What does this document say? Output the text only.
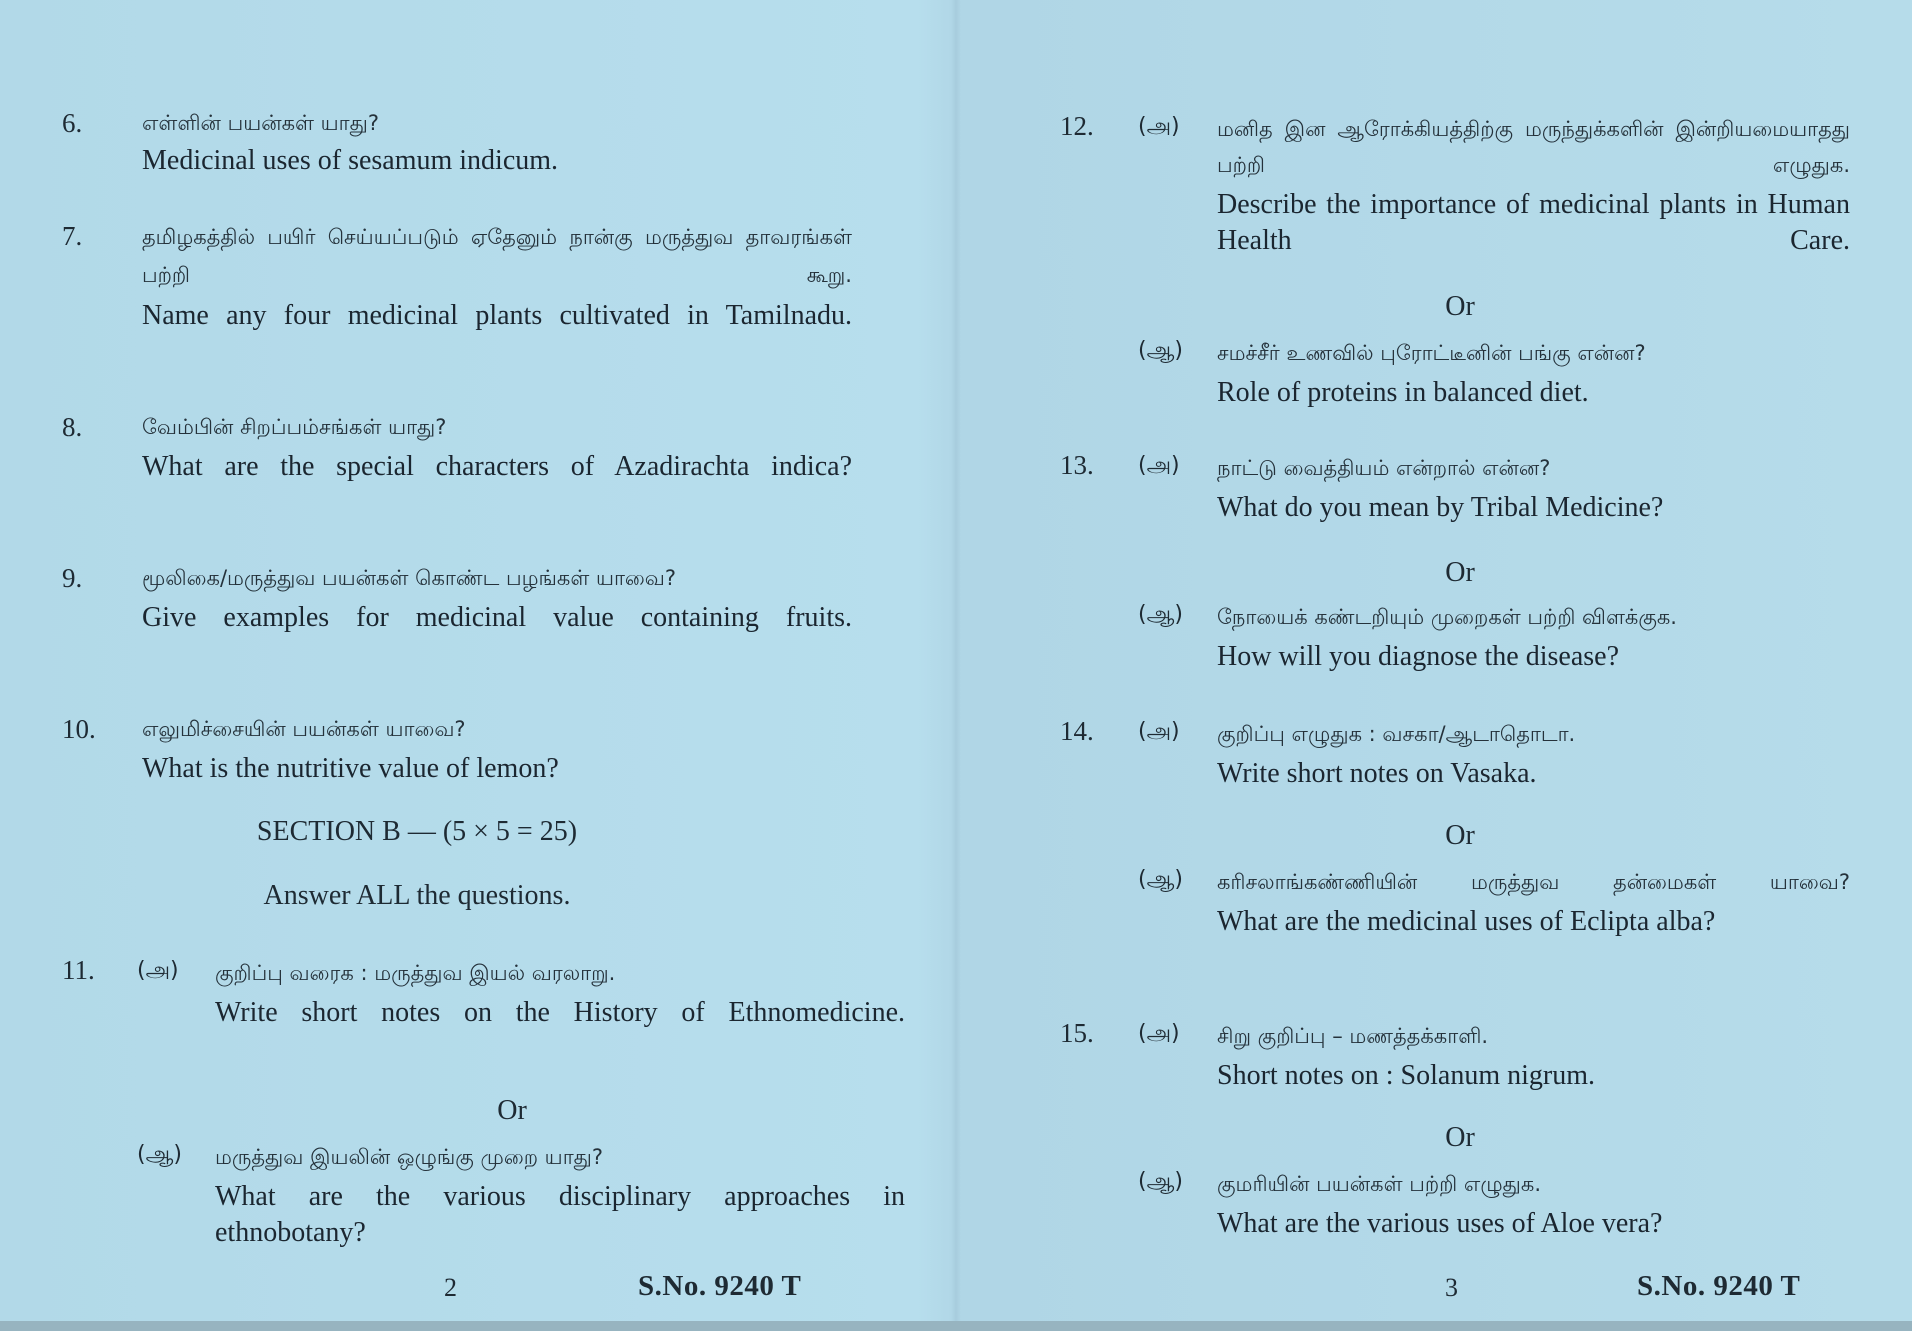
6.	எள்ளின் பயன்கள் யாது?
Medicinal uses of sesamum indicum.
7.	தமிழகத்தில் பயிர் செய்யப்படும் ஏதேனும் நான்கு மருத்துவ தாவரங்கள் பற்றி கூறு.
Name any four medicinal plants cultivated in Tamilnadu.
8.	வேம்பின் சிறப்பம்சங்கள் யாது?
What are the special characters of Azadirachta indica?
9.	மூலிகை/மருத்துவ பயன்கள் கொண்ட பழங்கள் யாவை?
Give examples for medicinal value containing fruits.
10. எலுமிச்சையின் பயன்கள் யாவை?
What is the nutritive value of lemon?
SECTION B — (5 × 5 = 25)
Answer ALL the questions.
11. (அ) குறிப்பு வரைக : மருத்துவ இயல் வரலாறு.
Write short notes on the History of Ethnomedicine.
Or
(ஆ) மருத்துவ இயலின் ஒழுங்கு முறை யாது?
What are the various disciplinary approaches in ethnobotany?
2	S.No. 9240 T
12. (அ) மனித இன ஆரோக்கியத்திற்கு மருந்துக்களின் இன்றியமையாதது பற்றி எழுதுக.
Describe the importance of medicinal plants in Human Health Care.
Or
(ஆ) சமச்சீர் உணவில் புரோட்டீனின் பங்கு என்ன?
Role of proteins in balanced diet.
13. (அ) நாட்டு வைத்தியம் என்றால் என்ன?
What do you mean by Tribal Medicine?
Or
(ஆ) நோயைக் கண்டறியும் முறைகள் பற்றி விளக்குக.
How will you diagnose the disease?
14. (அ) குறிப்பு எழுதுக : வசகா/ஆடாதொடா.
Write short notes on Vasaka.
Or
(ஆ) கரிசலாங்கண்ணியின் மருத்துவ தன்மைகள் யாவை?
What are the medicinal uses of Eclipta alba?
15. (அ) சிறு குறிப்பு – மணத்தக்காளி.
Short notes on : Solanum nigrum.
Or
(ஆ) குமரியின் பயன்கள் பற்றி எழுதுக.
What are the various uses of Aloe vera?
3	S.No. 9240 T
